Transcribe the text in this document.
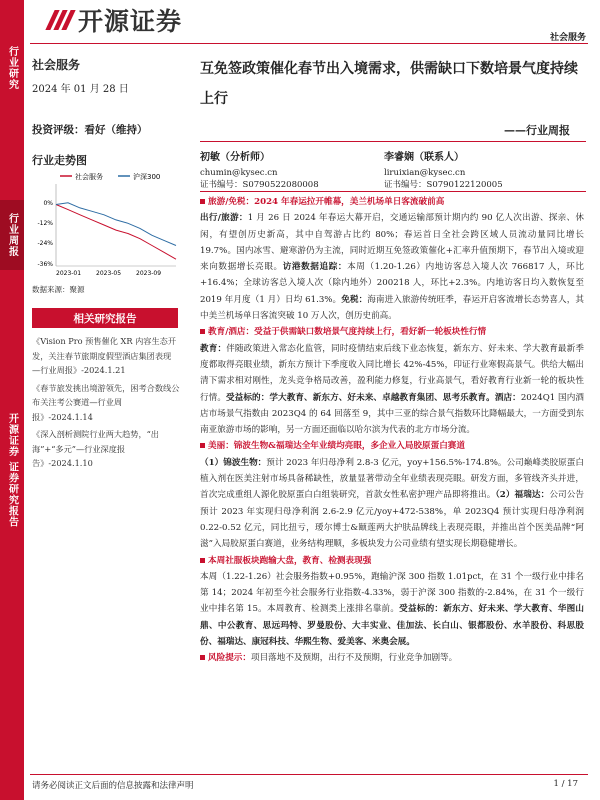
开源证券
社会服务
行业研究
行业周报
开源证券 证券研究报告
社会服务
2024 年 01 月 28 日
投资评级：看好（维持）
行业走势图
社会服务	沪深300
0%
-12%
-24%
-36%
2023-01 2023-05 2023-09
数据来源：聚源
相关研究报告

《Vision Pro 预售催化 XR 内容生态开发，关注春节旅期度假型酒店集团表现 —行业周报》-2024.1.21

《春节旅发挑出境游领先，困考合数线公布关注考公赛道—行业周报》-2024.1.14

《深入剖析测院行业两大趋势，“出海”+“多元”—行业深度报告》-2024.1.10

互免签政策催化春节出入境需求，供需缺口下数培景气度持续上行
——行业周报
初敏（分析师）
chumin@kysec.cn
证书编号：S0790522080008
李睿娴（联系人）
liruixian@kysec.cn
证书编号：S0790122120005

旅游/免税：2024 年春运拉开帷幕，美兰机场单日客流破前高

出行/旅游：1 月 26 日 2024 年春运大幕开启，交通运输部预计期内约 90 亿人次出游、探亲、休闲，有望创历史新高，其中自驾游占比约 80%；春运首日全社会跨区域人员流动量同比增长 19.7%。国内冰雪、避寒游仍为主流，同时近期互免签政策催化+汇率升值预期下，春节出入境或迎来向数据增长亮眼。访港数据追踪：本周（1.20-1.26）内地访客总入境人次 766817 人，环比+16.4%；全球访客总入境人次（除内地外）200218 人，环比+2.3%。内地访客日均入数恢复至 2019 年月度（1 月）日均 61.3%。免税：海南进入旅游传统旺季，春运开启客流增长态势喜人，其中美兰机场单日客流突破 10 万人次，创历史前高。

教育/酒店：受益于供需缺口数培景气度持续上行，看好新一轮板块性行情

教育：伴随政策进入常态化监管，同时疫情结束后线下业态恢复，新东方、好未来、学大教育最新季度都取得亮眼业绩，新东方预计下季度收入同比增长 42%-45%，印证行业寒假高景气。供给大幅出清下需求相对刚性，龙头竞争格局改善，盈利能力修复，行业高景气，看好教育行业新一轮的板块性行情。受益标的：学大教育、新东方、好未来、卓越教育集团、思考乐教育。酒店：2024Q1 国内酒店市场景气指数由 2023Q4 的 64 回落至 9，其中三亚的综合景气指数环比降幅最大，一方面受到东南亚旅游市场的影响，另一方面还面临以哈尔滨为代表的北方市场分流。

美丽：锦波生物&福瑞达全年业绩均亮眼，多企业入局胶原蛋白赛道

（1）锦波生物：预计 2023 年归母净利 2.8-3 亿元，yoy+156.5%-174.8%。公司巅峰类胶原蛋白植入剂在医美注射市场具备稀缺性，放量显著带动全年业绩表现亮眼。研发方面，多管线齐头并进，首次完成重组人源化胶原蛋白白组装研究，首款女性私密护理产品即将推出。（2）福瑞达：公司公告预计 2023 年实现归母净利润 2.6-2.9 亿元/yoy+472-538%，单 2023Q4 预计实现归母净利润 0.22-0.52 亿元，同比扭亏，瑷尔博士&颐莲两大护肤品牌线上表现亮眼，并推出首个医美品牌“阿滋”入局胶原蛋白赛道，业务结构理顺，多板块发力公司业绩有望实现长期稳健增长。

本周社服板块跑输大盘，教育、检测表现强

本周（1.22-1.26）社会服务指数+0.95%，跑输沪深 300 指数 1.01pct，在 31 个一级行业中排名第 14；2024 年初至今社会服务行业指数-4.33%，弱于沪深 300 指数的-2.84%，在 31 个一级行业中排名第 15。本周教育、检测类上涨排名靠前。受益标的：新东方、好未来、学大教育、华图山鼎、中公教育、思远玛特、罗曼股份、大丰实业、佳加法、长白山、银都股份、水羊股份、科思股份、福瑞达、康冠科技、华熙生物、爱美客、米奥会展。

风险提示：项目落地不及预期，出行不及预期，行业竞争加剧等。

请务必阅读正文后面的信息披露和法律声明	1 / 17
